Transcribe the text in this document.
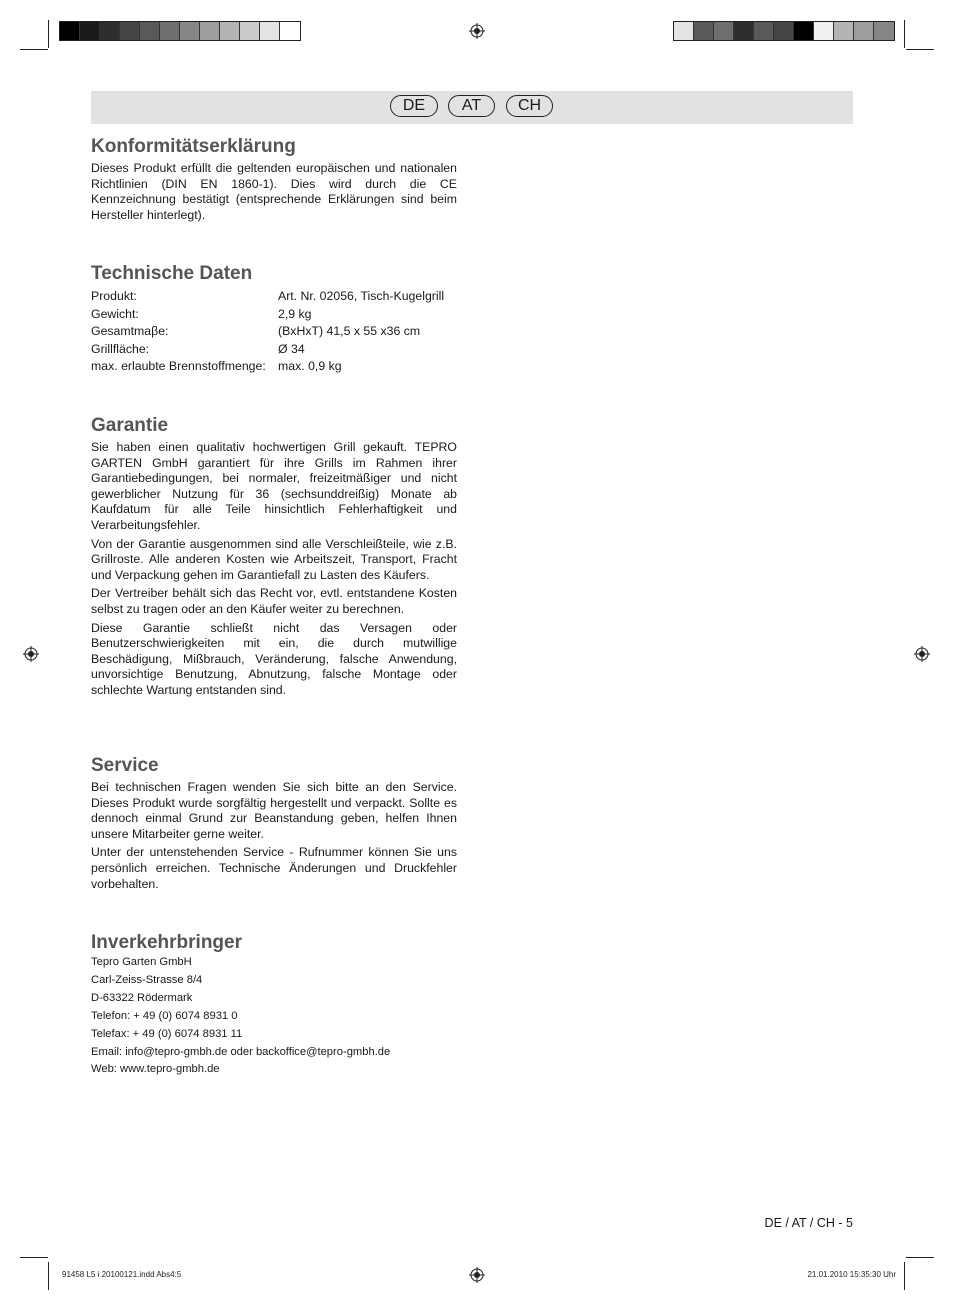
DE	AT	CH
Konformitätserklärung

Dieses Produkt erfüllt die geltenden europäischen und nationalen Richtlinien (DIN EN 1860-1). Dies wird durch die CE Kennzeichnung bestätigt (entsprechende Erklärungen sind beim Hersteller hinterlegt).

Technische Daten
Produkt:	Art. Nr. 02056, Tisch-Kugelgrill
Gewicht:	2,9 kg
Gesamtmaβe:	(BxHxT) 41,5 x 55 x36 cm
Grillfläche:	Ø 34
max. erlaubte Brennstoffmenge: max. 0,9 kg
Garantie

Sie haben einen qualitativ hochwertigen Grill gekauft. TEPRO GARTEN GmbH garantiert für ihre Grills im Rahmen ihrer Garantiebedingungen, bei normaler, freizeitmäßiger und nicht gewerblicher Nutzung für 36 (sechsunddreißig) Monate ab Kaufdatum für alle Teile hinsichtlich Fehlerhaftigkeit und Verarbeitungsfehler.

Von der Garantie ausgenommen sind alle Verschleißteile, wie z.B. Grillroste. Alle anderen Kosten wie Arbeitszeit, Transport, Fracht und Verpackung gehen im Garantiefall zu Lasten des Käufers.

Der Vertreiber behält sich das Recht vor, evtl. entstandene Kosten selbst zu tragen oder an den Käufer weiter zu berechnen.

Diese Garantie schließt nicht das Versagen oder Benutzerschwierigkeiten mit ein, die durch mutwillige Beschädigung, Mißbrauch, Veränderung, falsche Anwendung, unvorsichtige Benutzung, Abnutzung, falsche Montage oder schlechte Wartung entstanden sind.

Service

Bei technischen Fragen wenden Sie sich bitte an den Service. Dieses Produkt wurde sorgfältig hergestellt und verpackt. Sollte es dennoch einmal Grund zur Beanstandung geben, helfen Ihnen unsere Mitarbeiter gerne weiter.

Unter der untenstehenden Service - Rufnummer können Sie uns persönlich erreichen. Technische Änderungen und Druckfehler vorbehalten.

Inverkehrbringer
Tepro Garten GmbH
Carl-Zeiss-Strasse 8/4
D-63322 Rödermark
Telefon: + 49 (0) 6074 8931 0
Telefax: + 49 (0) 6074 8931 11
Email: info@tepro-gmbh.de oder backoffice@tepro-gmbh.de
Web: www.tepro-gmbh.de
DE / AT / CH - 5
91458 L5 i 20100121.indd Abs4:5	21.01.2010 15:35:30 Uhr
